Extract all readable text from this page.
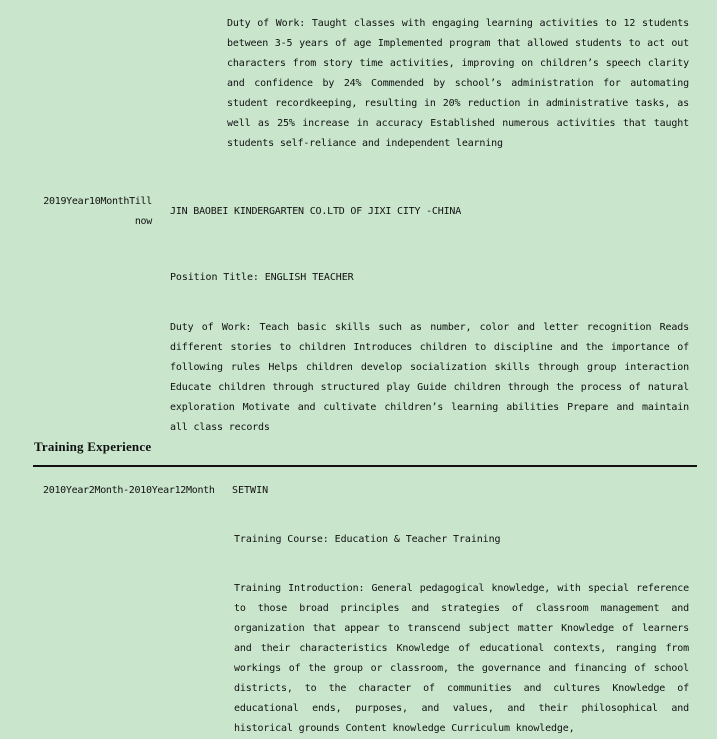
Duty of Work: Taught classes with engaging learning activities to 12 students between 3-5 years of age Implemented program that allowed students to act out characters from story time activities, improving on children’s speech clarity and confidence by 24% Commended by school’s administration for automating student recordkeeping, resulting in 20% reduction in administrative tasks, as well as 25% increase in accuracy Established numerous activities that taught students self-reliance and independent learning

2019Year10MonthTill now
JIN BAOBEI KINDERGARTEN CO.LTD OF JIXI CITY -CHINA
Position Title: ENGLISH TEACHER

Duty of Work: Teach basic skills such as number, color and letter recognition Reads different stories to children Introduces children to discipline and the importance of following rules Helps children develop socialization skills through group interaction Educate children through structured play Guide children through the process of natural exploration Motivate and cultivate children’s learning abilities Prepare and maintain all class records

Training Experience
2010Year2Month-2010Year12Month SETWIN
Training Course: Education & Teacher Training

Training Introduction: General pedagogical knowledge, with special reference to those broad principles and strategies of classroom management and organization that appear to transcend subject matter Knowledge of learners and their characteristics Knowledge of educational contexts, ranging from workings of the group or classroom, the governance and financing of school districts, to the character of communities and cultures Knowledge of educational ends, purposes, and values, and their philosophical and historical grounds Content knowledge Curriculum knowledge,
